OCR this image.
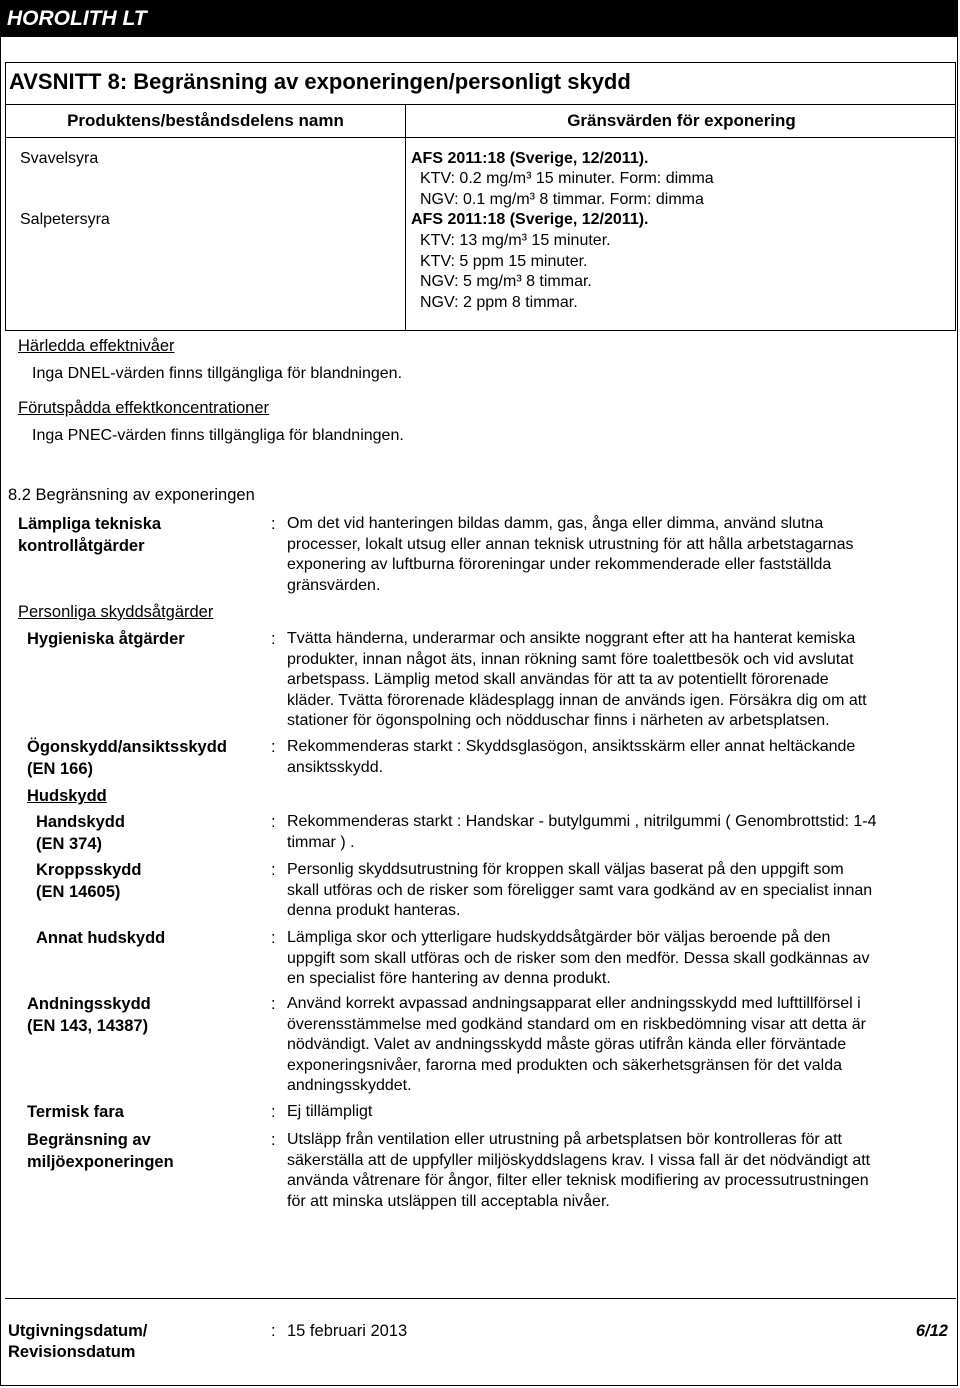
HOROLITH LT
AVSNITT 8: Begränsning av exponeringen/personligt skydd
Produktens/beståndsdelens namn	Gränsvärden för exponering
Svavelsyra	AFS 2011:18 (Sverige, 12/2011).
KTV: 0.2 mg/m³ 15 minuter. Form: dimma
NGV: 0.1 mg/m³ 8 timmar. Form: dimma
Salpetersyra	AFS 2011:18 (Sverige, 12/2011).
KTV: 13 mg/m³ 15 minuter.
KTV: 5 ppm 15 minuter.
NGV: 5 mg/m³ 8 timmar.
NGV: 2 ppm 8 timmar.
Härledda effektnivåer
Inga DNEL-värden finns tillgängliga för blandningen.
Förutspådda effektkoncentrationer
Inga PNEC-värden finns tillgängliga för blandningen.
8.2 Begränsning av exponeringen
Lämpliga tekniska
kontrollåtgärder
: Om det vid hanteringen bildas damm, gas, ånga eller dimma, använd slutna
processer, lokalt utsug eller annan teknisk utrustning för att hålla arbetstagarnas
exponering av luftburna föroreningar under rekommenderade eller fastställda
gränsvärden.
Personliga skyddsåtgärder
Hygieniska åtgärder	: Tvätta händerna, underarmar och ansikte noggrant efter att ha hanterat kemiska
produkter, innan något äts, innan rökning samt före toalettbesök och vid avslutat
arbetspass. Lämplig metod skall användas för att ta av potentiellt förorenade
kläder. Tvätta förorenade klädesplagg innan de används igen. Försäkra dig om att
stationer för ögonspolning och nödduschar finns i närheten av arbetsplatsen.
Ögonskydd/ansiktsskydd
(EN 166)
: Rekommenderas starkt : Skyddsglasögon, ansiktsskärm eller annat heltäckande
ansiktsskydd.
Hudskydd
Handskydd
(EN 374)
: Rekommenderas starkt : Handskar - butylgummi , nitrilgummi ( Genombrottstid: 1-4
timmar ) .
Kroppsskydd
(EN 14605)
: Personlig skyddsutrustning för kroppen skall väljas baserat på den uppgift som
skall utföras och de risker som föreligger samt vara godkänd av en specialist innan
denna produkt hanteras.
Annat hudskydd	: Lämpliga skor och ytterligare hudskyddsåtgärder bör väljas beroende på den
uppgift som skall utföras och de risker som den medför. Dessa skall godkännas av
en specialist före hantering av denna produkt.
Andningsskydd
(EN 143, 14387)
: Använd korrekt avpassad andningsapparat eller andningsskydd med lufttillförsel i
överensstämmelse med godkänd standard om en riskbedömning visar att detta är
nödvändigt. Valet av andningsskydd måste göras utifrån kända eller förväntade
exponeringsnivåer, farorna med produkten och säkerhetsgränsen för det valda
andningsskyddet.
Termisk fara	: Ej tillämpligt
Begränsning av
miljöexponeringen
: Utsläpp från ventilation eller utrustning på arbetsplatsen bör kontrolleras för att
säkerställa att de uppfyller miljöskyddslagens krav. I vissa fall är det nödvändigt att
använda våtrenare för ångor, filter eller teknisk modifiering av processutrustningen
för att minska utsläppen till acceptabla nivåer.
Utgivningsdatum/
Revisionsdatum
: 15 februari 2013	6/12
